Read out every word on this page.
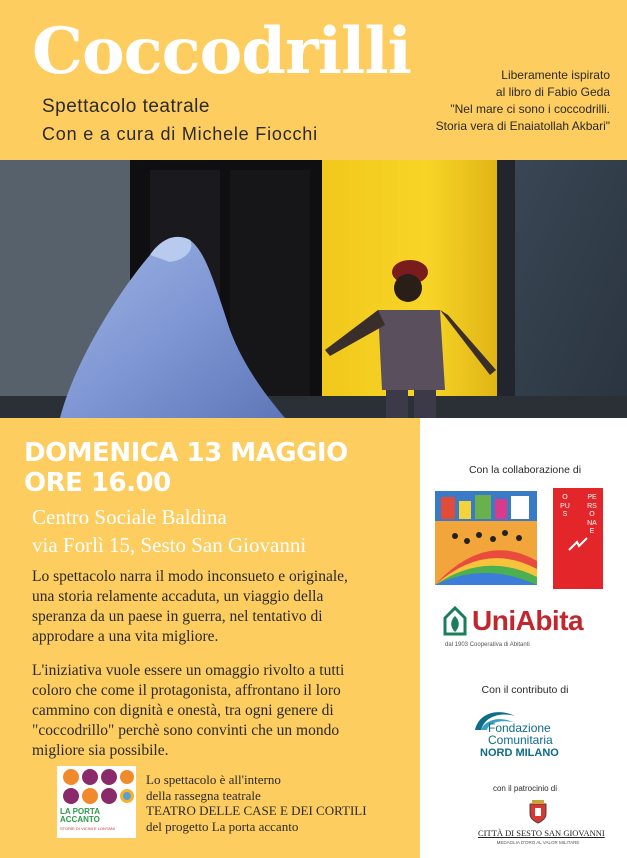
Coccodrilli
Spettacolo teatrale
Con e a cura di Michele Fiocchi
Liberamente ispirato
al libro di Fabio Geda
"Nel mare ci sono i coccodrilli.
Storia vera di Enaiatollah Akbari"
Con la collaborazione di
OPUS
PERSONAE
UniAbita
dal 1903 Cooperativa di Abitanti
Con il contributo di
Fondazione
Comunitaria
NORD MILANO
con il patrocinio di
CITTÀ DI SESTO SAN GIOVANNI
MEDAGLIA D'ORO AL VALOR MILITARE
DOMENICA 13 MAGGIO
ORE 16.00
Centro Sociale Baldina
via Forlì 15, Sesto San Giovanni
Lo spettacolo narra il modo inconsueto e originale,
una storia relamente accaduta, un viaggio della
speranza da un paese in guerra, nel tentativo di
approdare a una vita migliore.
L'iniziativa vuole essere un omaggio rivolto a tutti
coloro che come il protagonista, affrontano il loro
cammino con dignità e onestà, tra ogni genere di
"coccodrillo" perchè sono convinti che un mondo
migliore sia possibile.
LA PORTA
ACCANTO
STORIE DI VICINI E LONTANI
Lo spettacolo è all'interno
della rassegna teatrale
TEATRO DELLE CASE E DEI CORTILI
del progetto La porta accanto
